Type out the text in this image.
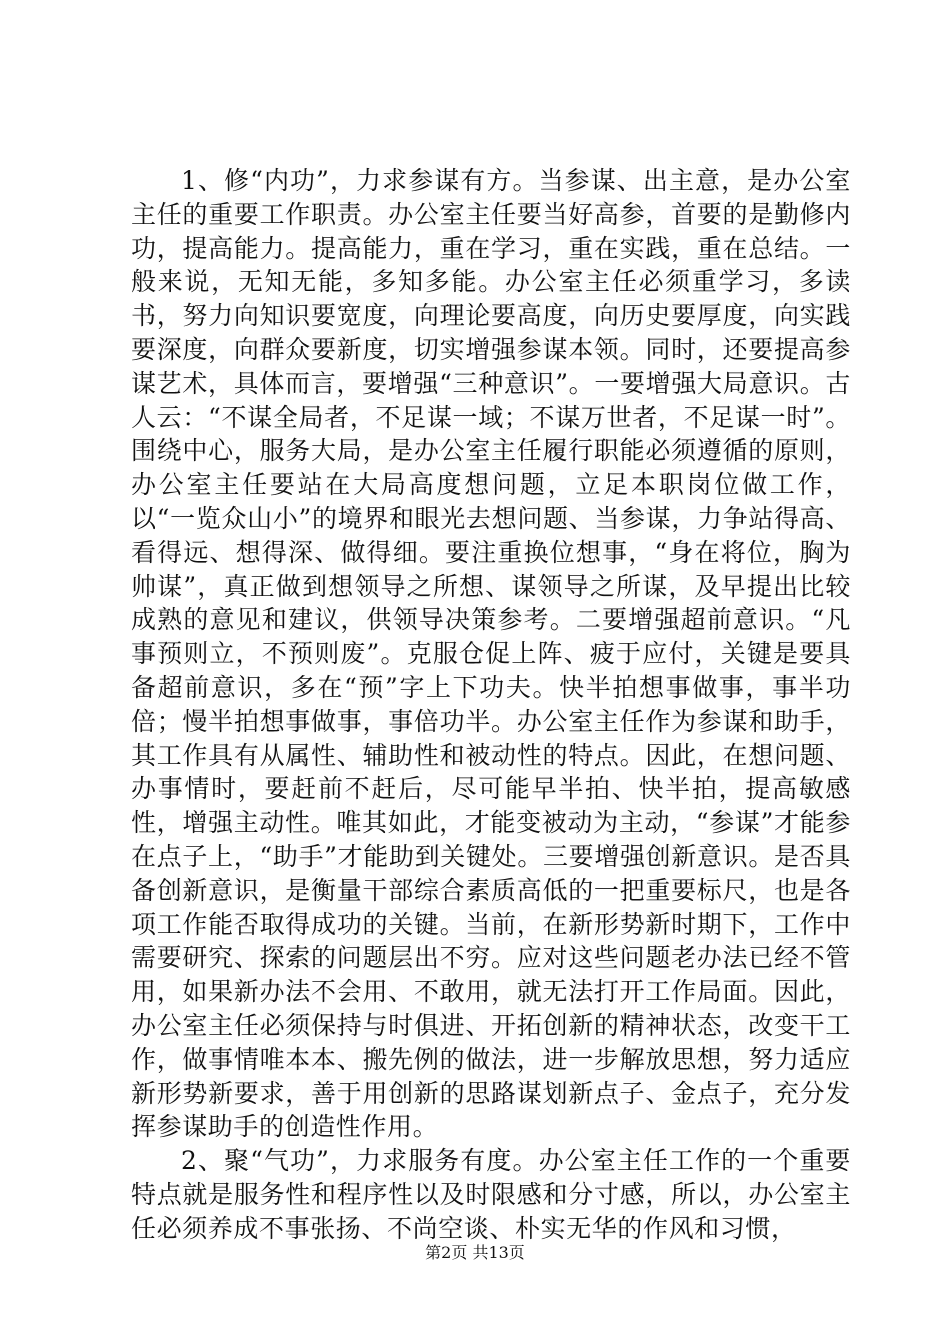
1、修“内功”，力求参谋有方。当参谋、出主意，是办公室主任的重要工作职责。办公室主任要当好高参，首要的是勤修内功，提高能力。提高能力，重在学习，重在实践，重在总结。一般来说，无知无能，多知多能。办公室主任必须重学习，多读书，努力向知识要宽度，向理论要高度，向历史要厚度，向实践要深度，向群众要新度，切实增强参谋本领。同时，还要提高参谋艺术，具体而言，要增强“三种意识”。一要增强大局意识。古人云：“不谋全局者，不足谋一域；不谋万世者，不足谋一时”。围绕中心，服务大局，是办公室主任履行职能必须遵循的原则，办公室主任要站在大局高度想问题，立足本职岗位做工作，以“一览众山小”的境界和眼光去想问题、当参谋，力争站得高、看得远、想得深、做得细。要注重换位想事，“身在将位，胸为帅谋”，真正做到想领导之所想、谋领导之所谋，及早提出比较成熟的意见和建议，供领导决策参考。二要增强超前意识。“凡事预则立，不预则废”。克服仓促上阵、疲于应付，关键是要具备超前意识，多在“预”字上下功夫。快半拍想事做事，事半功倍；慢半拍想事做事，事倍功半。办公室主任作为参谋和助手，其工作具有从属性、辅助性和被动性的特点。因此，在想问题、办事情时，要赶前不赶后，尽可能早半拍、快半拍，提高敏感性，增强主动性。唯其如此，才能变被动为主动，“参谋”才能参在点子上，“助手”才能助到关键处。三要增强创新意识。是否具备创新意识，是衡量干部综合素质高低的一把重要标尺，也是各项工作能否取得成功的关键。当前，在新形势新时期下，工作中需要研究、探索的问题层出不穷。应对这些问题老办法已经不管用，如果新办法不会用、不敢用，就无法打开工作局面。因此，办公室主任必须保持与时俱进、开拓创新的精神状态，改变干工作，做事情唯本本、搬先例的做法，进一步解放思想，努力适应新形势新要求，善于用创新的思路谋划新点子、金点子，充分发挥参谋助手的创造性作用。

2、聚“气功”，力求服务有度。办公室主任工作的一个重要特点就是服务性和程序性以及时限感和分寸感，所以，办公室主任必须养成不事张扬、不尚空谈、朴实无华的作风和习惯，

第2页 共13页
